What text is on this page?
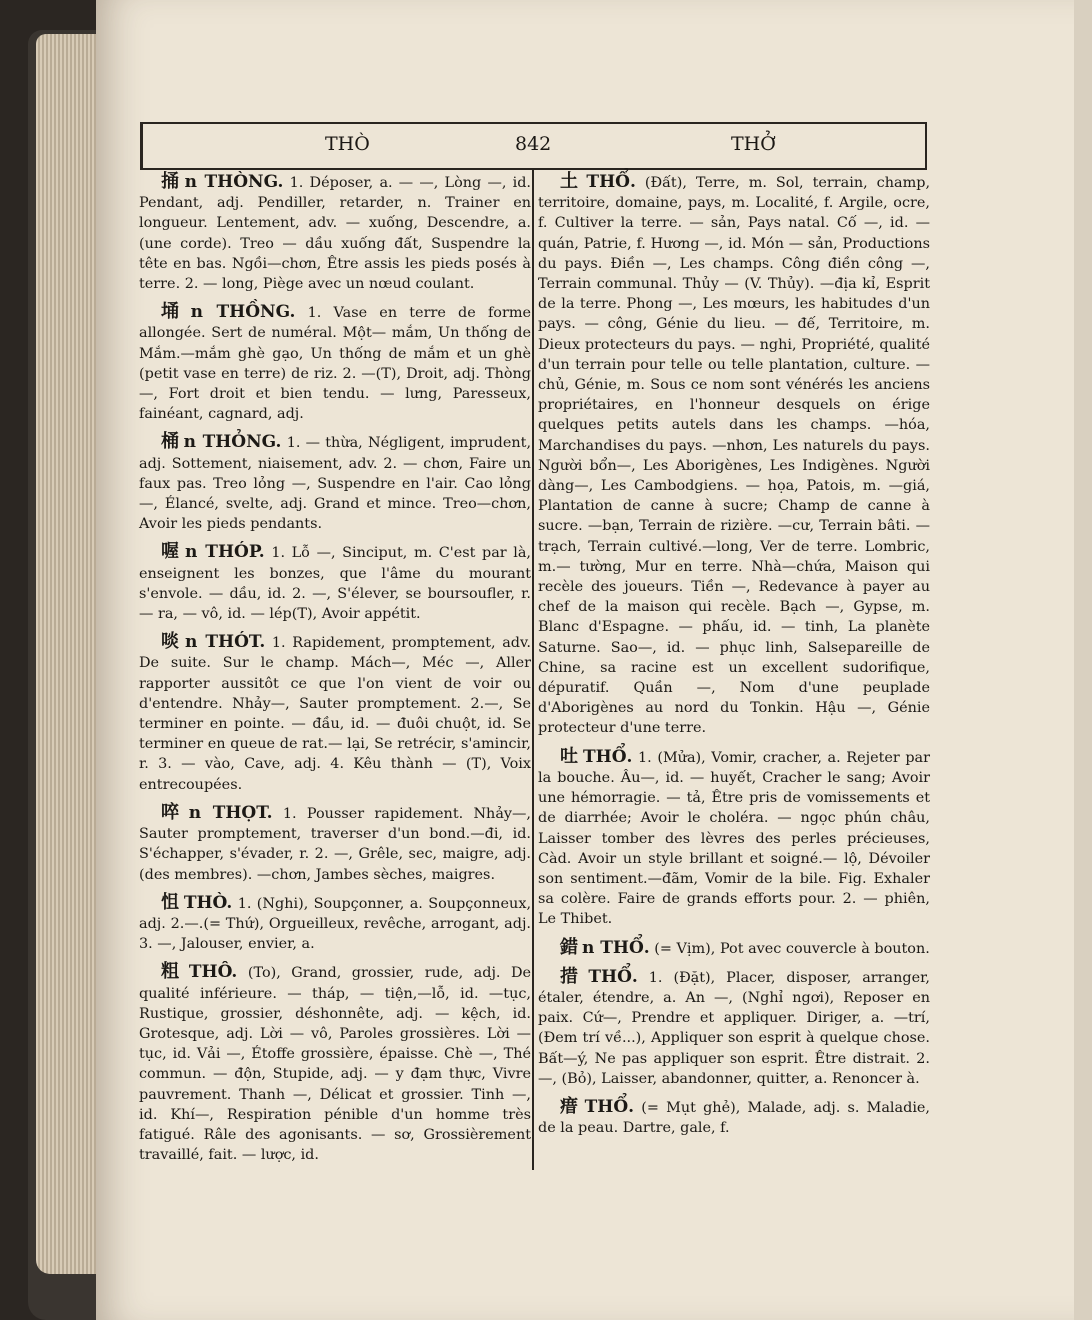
THÒ	842	THỞ

捅 n THÒNG. 1. Déposer, a. — —, Lòng —, id. Pendant, adj. Pendiller, retarder, n. Trainer en longueur. Lentement, adv. — xuống, Descendre, a. (une corde). Treo — dầu xuống đất, Suspendre la tête en bas. Ngồi—chơn, Être assis les pieds posés à terre. 2. — long, Piège avec un nœud coulant.

埇 n THỒNG. 1. Vase en terre de forme allongée. Sert de numéral. Một— mắm, Un thống de Mắm.—mắm ghè gạo, Un thống de mắm et un ghè (petit vase en terre) de riz. 2. —(T), Droit, adj. Thòng—, Fort droit et bien tendu. — lưng, Paresseux, fainéant, cagnard, adj.

桶 n THỎNG. 1. — thừa, Négligent, imprudent, adj. Sottement, niaisement, adv. 2. — chơn, Faire un faux pas. Treo lỏng —, Suspendre en l'air. Cao lỏng —, Élancé, svelte, adj. Grand et mince. Treo—chơn, Avoir les pieds pendants.

喔 n THÓP. 1. Lỗ —, Sinciput, m. C'est par là, enseignent les bonzes, que l'âme du mourant s'envole. — dầu, id. 2. —, S'élever, se boursoufler, r. — ra, — vô, id. — lép(T), Avoir appétit.

啖 n THÓT. 1. Rapidement, promptement, adv. De suite. Sur le champ. Mách—, Méc —, Aller rapporter aussitôt ce que l'on vient de voir ou d'entendre. Nhảy—, Sauter promptement. 2.—, Se terminer en pointe. — đầu, id. — đuôi chuột, id. Se terminer en queue de rat.— lại, Se retrécir, s'amincir, r. 3. — vào, Cave, adj. 4. Kêu thành — (T), Voix entrecoupées.

啐 n THỌT. 1. Pousser rapidement. Nhảy—, Sauter promptement, traverser d'un bond.—đi, id. S'échapper, s'évader, r. 2. —, Grêle, sec, maigre, adj. (des membres). —chơn, Jambes sèches, maigres.

怚 THÒ. 1. (Nghi), Soupçonner, a. Soupçonneux, adj. 2.—.(= Thứ), Orgueilleux, revêche, arrogant, adj. 3. —, Jalouser, envier, a.

粗 THÔ. (To), Grand, grossier, rude, adj. De qualité inférieure. — tháp, — tiện,—lỗ, id. —tục, Rustique, grossier, déshonnête, adj. — kệch, id. Grotesque, adj. Lời — vô, Paroles grossières. Lời — tục, id. Vải —, Étoffe grossière, épaisse. Chè —, Thé commun. — độn, Stupide, adj. — y đạm thực, Vivre pauvrement. Thanh —, Délicat et grossier. Tinh —, id. Khí—, Respiration pénible d'un homme très fatigué. Râle des agonisants. — sơ, Grossièrement travaillé, fait. — lược, id.

土 THỔ. (Đất), Terre, m. Sol, terrain, champ, territoire, domaine, pays, m. Localité, f. Argile, ocre, f. Cultiver la terre. — sản, Pays natal. Cố —, id. — quán, Patrie, f. Hương —, id. Món — sản, Productions du pays. Điền —, Les champs. Công điền công —, Terrain communal. Thủy — (V. Thủy). —địa kỉ, Esprit de la terre. Phong —, Les mœurs, les habitudes d'un pays. — công, Génie du lieu. — đế, Territoire, m. Dieux protecteurs du pays. — nghi, Propriété, qualité d'un terrain pour telle ou telle plantation, culture. — chủ, Génie, m. Sous ce nom sont vénérés les anciens propriétaires, en l'honneur desquels on érige quelques petits autels dans les champs. —hóa, Marchandises du pays. —nhơn, Les naturels du pays. Người bổn—, Les Aborigènes, Les Indigènes. Người dàng—, Les Cambodgiens. — họa, Patois, m. —giá, Plantation de canne à sucre; Champ de canne à sucre. —bạn, Terrain de rizière. —cư, Terrain bâti. — trạch, Terrain cultivé.—long, Ver de terre. Lombric, m.— tường, Mur en terre. Nhà—chứa, Maison qui recèle des joueurs. Tiền —, Redevance à payer au chef de la maison qui recèle. Bạch —, Gypse, m. Blanc d'Espagne. — phấu, id. — tinh, La planète Saturne. Sao—, id. — phục linh, Salsepareille de Chine, sa racine est un excellent sudorifique, dépuratif. Quần —, Nom d'une peuplade d'Aborigènes au nord du Tonkin. Hậu —, Génie protecteur d'une terre.

吐 THỔ. 1. (Mửa), Vomir, cracher, a. Rejeter par la bouche. Âu—, id. — huyết, Cracher le sang; Avoir une hémorragie. — tả, Être pris de vomissements et de diarrhée; Avoir le choléra. — ngọc phún châu, Laisser tomber des lèvres des perles précieuses, Càd. Avoir un style brillant et soigné.— lộ, Dévoiler son sentiment.—đãm, Vomir de la bile. Fig. Exhaler sa colère. Faire de grands efforts pour. 2. — phiên, Le Thibet.

錯 n THỔ. (= Vịm), Pot avec couvercle à bouton.

措 THỔ. 1. (Đặt), Placer, disposer, arranger, étaler, étendre, a. An —, (Nghỉ ngơi), Reposer en paix. Cứ—, Prendre et appliquer. Diriger, a. —trí, (Đem trí về...), Appliquer son esprit à quelque chose. Bất—ý, Ne pas appliquer son esprit. Être distrait. 2. —, (Bỏ), Laisser, abandonner, quitter, a. Renoncer à.

瘄 THỔ. (= Mụt ghẻ), Malade, adj. s. Maladie, de la peau. Dartre, gale, f.
